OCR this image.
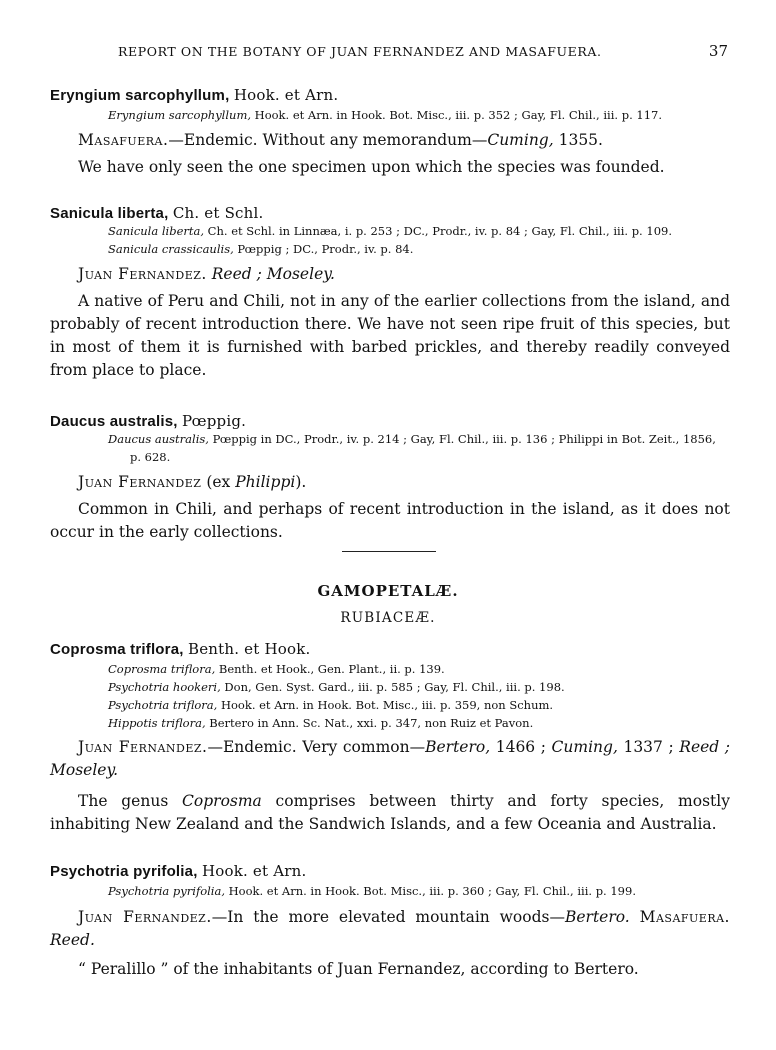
REPORT ON THE BOTANY OF JUAN FERNANDEZ AND MASAFUERA.	37
Eryngium sarcophyllum, Hook. et Arn.
Eryngium sarcophyllum, Hook. et Arn. in Hook. Bot. Misc., iii. p. 352 ; Gay, Fl. Chil., iii. p. 117.
Masafuera.—Endemic. Without any memorandum—Cuming, 1355.
We have only seen the one specimen upon which the species was founded.
Sanicula liberta, Ch. et Schl.
Sanicula liberta, Ch. et Schl. in Linnæa, i. p. 253 ; DC., Prodr., iv. p. 84 ; Gay, Fl. Chil., iii. p. 109.
Sanicula crassicaulis, Pœppig ; DC., Prodr., iv. p. 84.
Juan Fernandez. Reed ; Moseley.
A native of Peru and Chili, not in any of the earlier collections from the island, and probably of recent introduction there. We have not seen ripe fruit of this species, but in most of them it is furnished with barbed prickles, and thereby readily conveyed from place to place.
Daucus australis, Pœppig.
Daucus australis, Pœppig in DC., Prodr., iv. p. 214 ; Gay, Fl. Chil., iii. p. 136 ; Philippi in Bot. Zeit., 1856, p. 628.
Juan Fernandez (ex Philippi).
Common in Chili, and perhaps of recent introduction in the island, as it does not occur in the early collections.
GAMOPETALÆ.
RUBIACEÆ.
Coprosma triflora, Benth. et Hook.
Coprosma triflora, Benth. et Hook., Gen. Plant., ii. p. 139.
Psychotria hookeri, Don, Gen. Syst. Gard., iii. p. 585 ; Gay, Fl. Chil., iii. p. 198.
Psychotria triflora, Hook. et Arn. in Hook. Bot. Misc., iii. p. 359, non Schum.
Hippotis triflora, Bertero in Ann. Sc. Nat., xxi. p. 347, non Ruiz et Pavon.
Juan Fernandez.—Endemic. Very common—Bertero, 1466 ; Cuming, 1337 ; Reed ; Moseley.
The genus Coprosma comprises between thirty and forty species, mostly inhabiting New Zealand and the Sandwich Islands, and a few Oceania and Australia.
Psychotria pyrifolia, Hook. et Arn.
Psychotria pyrifolia, Hook. et Arn. in Hook. Bot. Misc., iii. p. 360 ; Gay, Fl. Chil., iii. p. 199.
Juan Fernandez.—In the more elevated mountain woods—Bertero. Masafuera. Reed.
“ Peralillo ” of the inhabitants of Juan Fernandez, according to Bertero.
